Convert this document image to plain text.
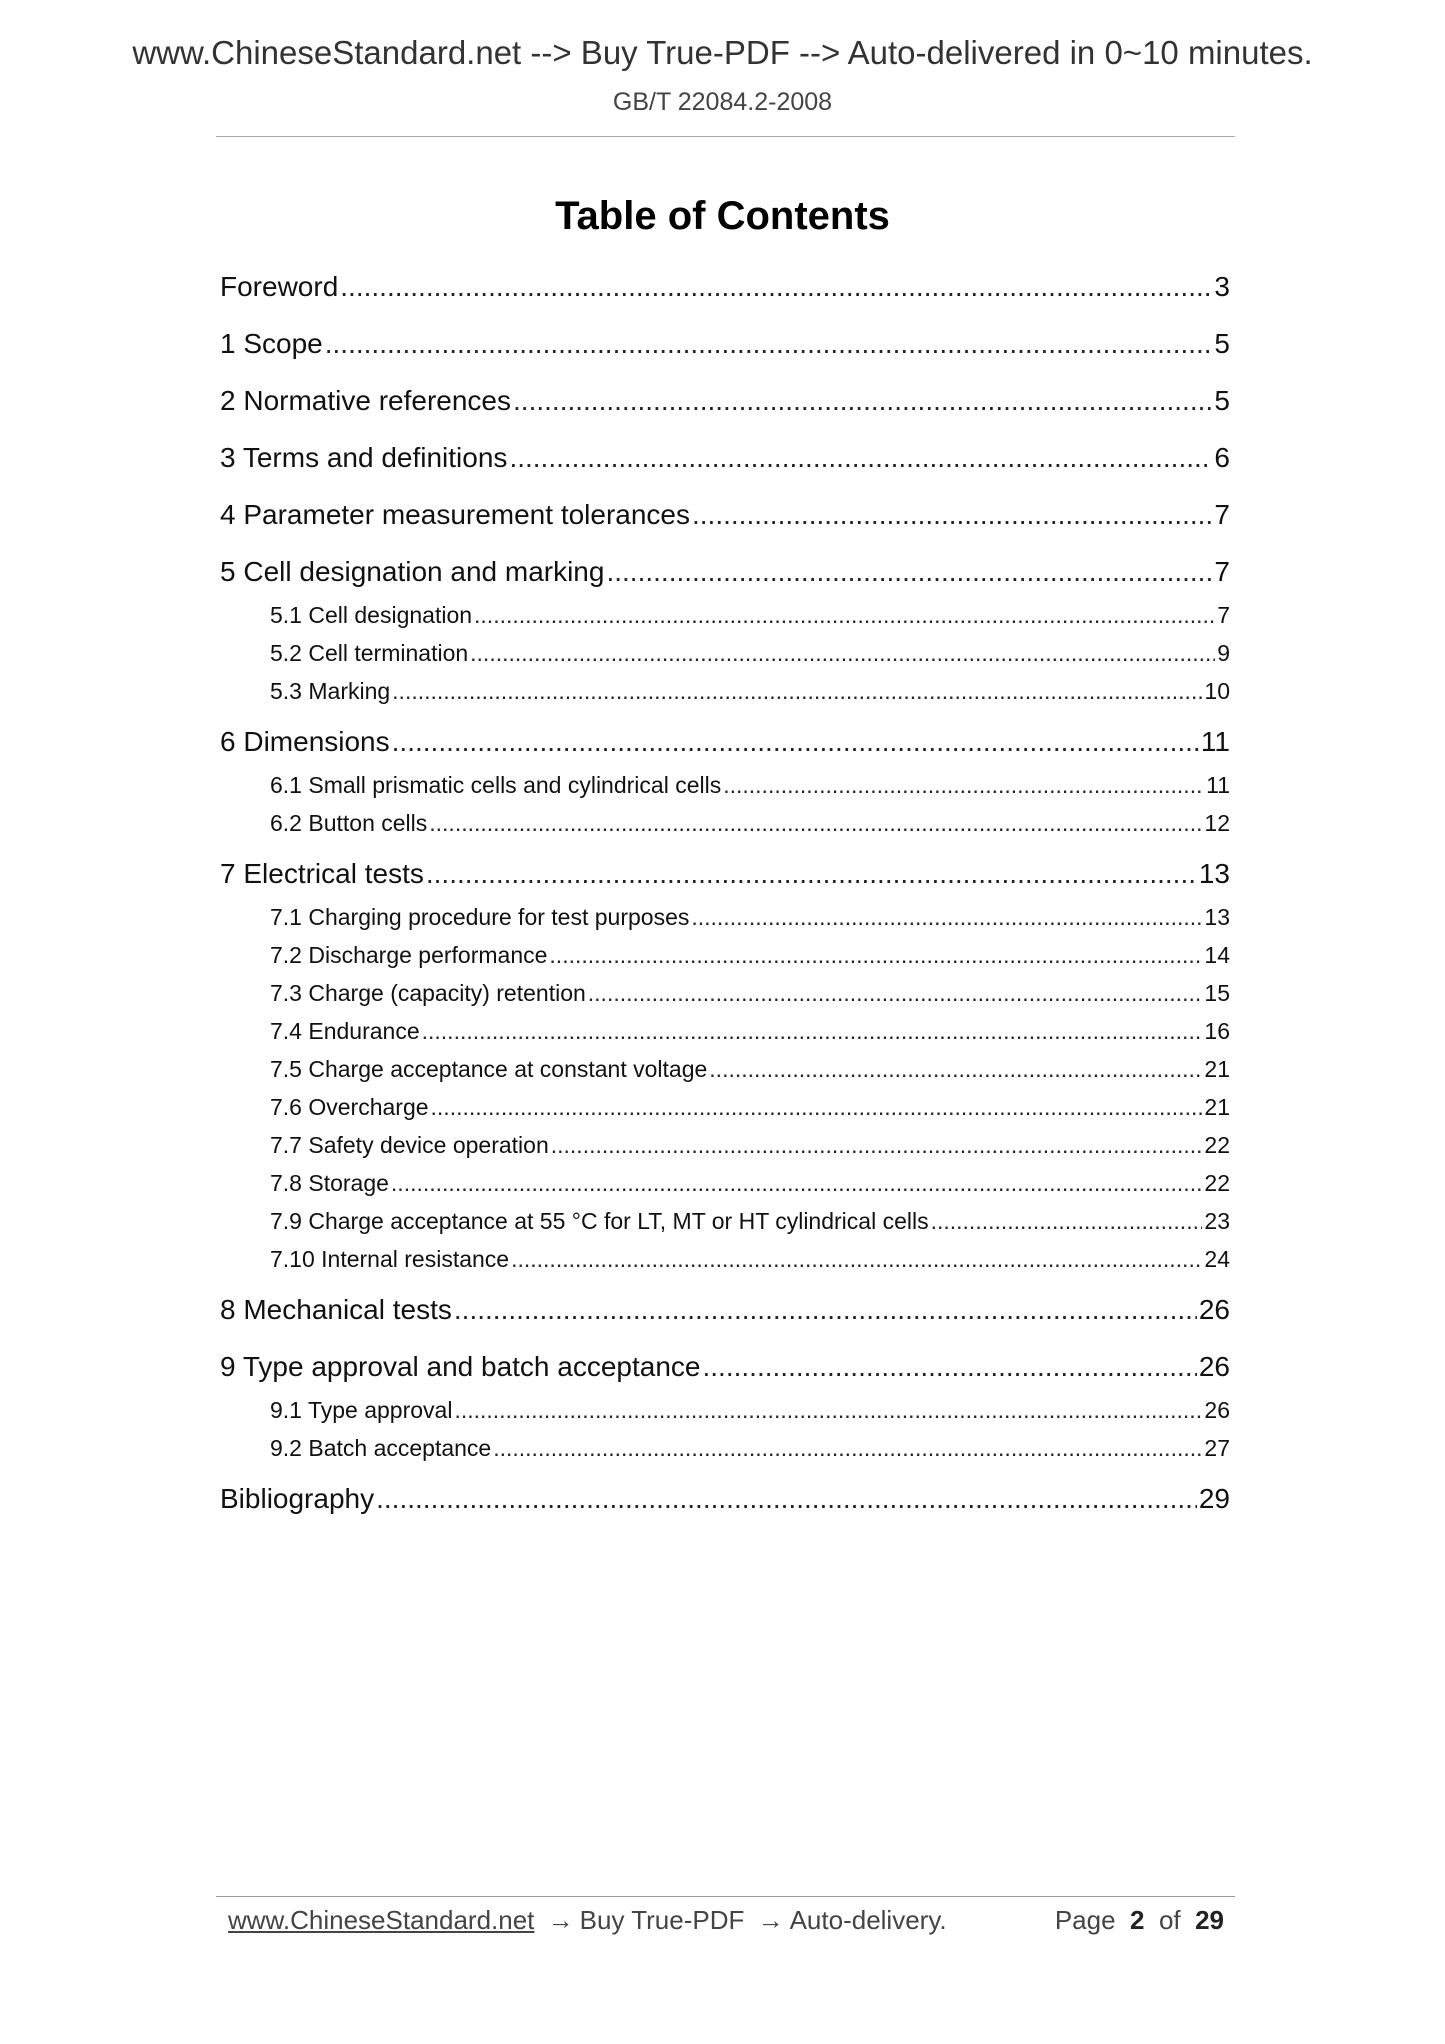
www.ChineseStandard.net --> Buy True-PDF --> Auto-delivered in 0~10 minutes.
GB/T 22084.2-2008
Table of Contents
Foreword .....	3
1 Scope .....	5
2 Normative references .....	5
3 Terms and definitions .....	6
4 Parameter measurement tolerances .....	7
5 Cell designation and marking .....	7
5.1 Cell designation .....	7
5.2 Cell termination .....	9
5.3 Marking .....	10
6 Dimensions .....	11
6.1 Small prismatic cells and cylindrical cells .....	11
6.2 Button cells .....	12
7 Electrical tests .....	13
7.1 Charging procedure for test purposes .....	13
7.2 Discharge performance .....	14
7.3 Charge (capacity) retention .....	15
7.4 Endurance .....	16
7.5 Charge acceptance at constant voltage .....	21
7.6 Overcharge .....	21
7.7 Safety device operation .....	22
7.8 Storage .....	22
7.9 Charge acceptance at 55 °C for LT, MT or HT cylindrical cells .....	23
7.10 Internal resistance .....	24
8 Mechanical tests .....	26
9 Type approval and batch acceptance .....	26
9.1 Type approval .....	26
9.2 Batch acceptance .....	27
Bibliography .....	29
www.ChineseStandard.net → Buy True-PDF → Auto-delivery.	Page 2 of 29
